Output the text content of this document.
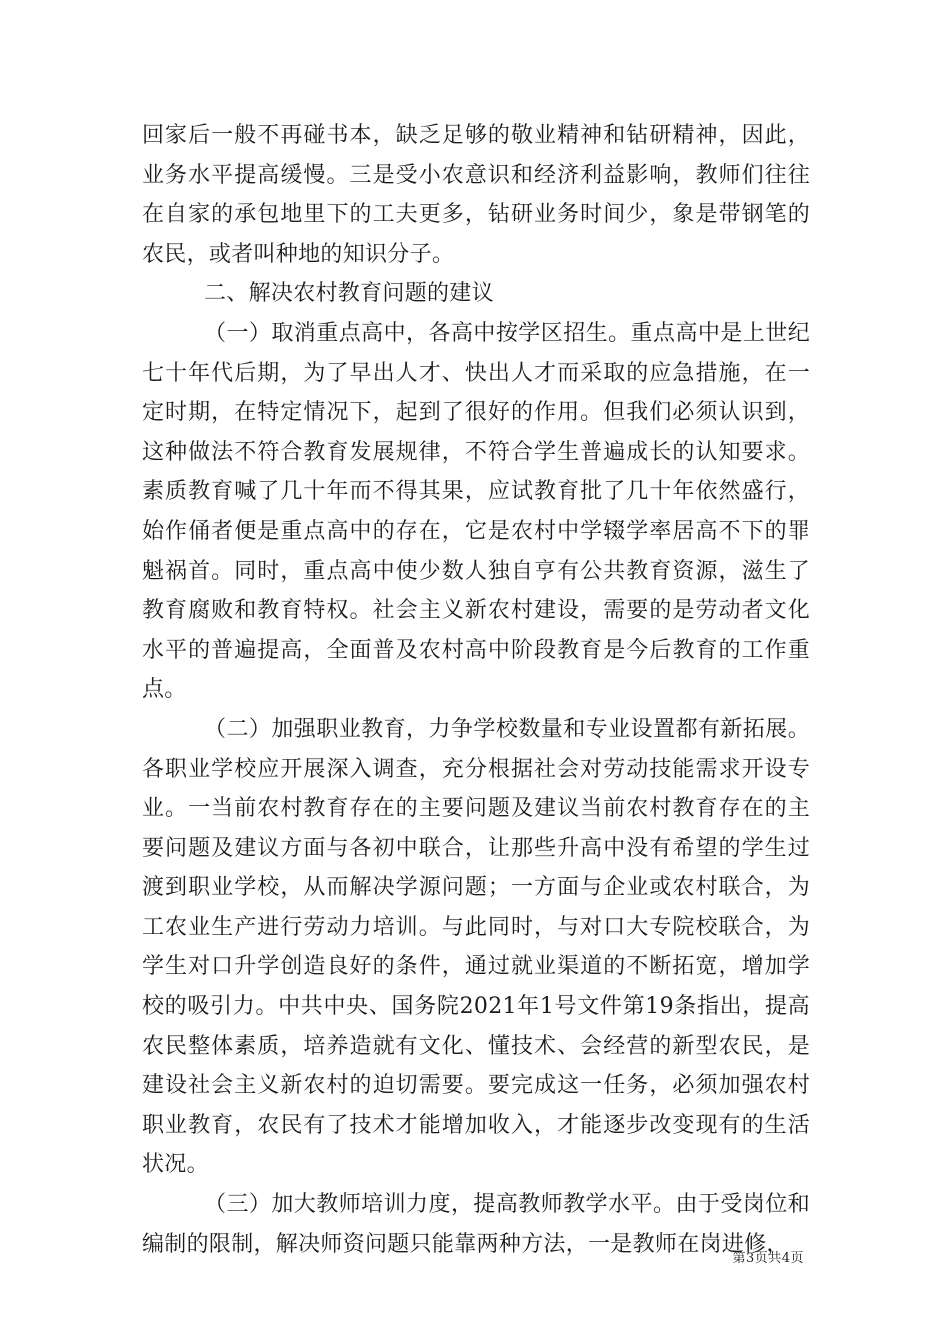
回家后一般不再碰书本，缺乏足够的敬业精神和钻研精神，因此，业务水平提高缓慢。三是受小农意识和经济利益影响，教师们往往在自家的承包地里下的工夫更多，钻研业务时间少，象是带钢笔的农民，或者叫种地的知识分子。

二、解决农村教育问题的建议

（一）取消重点高中，各高中按学区招生。重点高中是上世纪七十年代后期，为了早出人才、快出人才而采取的应急措施，在一定时期，在特定情况下，起到了很好的作用。但我们必须认识到，这种做法不符合教育发展规律，不符合学生普遍成长的认知要求。素质教育喊了几十年而不得其果，应试教育批了几十年依然盛行，始作俑者便是重点高中的存在，它是农村中学辍学率居高不下的罪魁祸首。同时，重点高中使少数人独自亨有公共教育资源，滋生了教育腐败和教育特权。社会主义新农村建设，需要的是劳动者文化水平的普遍提高，全面普及农村高中阶段教育是今后教育的工作重点。

（二）加强职业教育，力争学校数量和专业设置都有新拓展。各职业学校应开展深入调查，充分根据社会对劳动技能需求开设专业。一当前农村教育存在的主要问题及建议当前农村教育存在的主要问题及建议方面与各初中联合，让那些升高中没有希望的学生过渡到职业学校，从而解决学源问题；一方面与企业或农村联合，为工农业生产进行劳动力培训。与此同时，与对口大专院校联合，为学生对口升学创造良好的条件，通过就业渠道的不断拓宽，增加学校的吸引力。中共中央、国务院2021年1号文件第19条指出，提高农民整体素质，培养造就有文化、懂技术、会经营的新型农民，是建设社会主义新农村的迫切需要。要完成这一任务，必须加强农村职业教育，农民有了技术才能增加收入，才能逐步改变现有的生活状况。

（三）加大教师培训力度，提高教师教学水平。由于受岗位和编制的限制，解决师资问题只能靠两种方法，一是教师在岗进修，

第3页共4页
